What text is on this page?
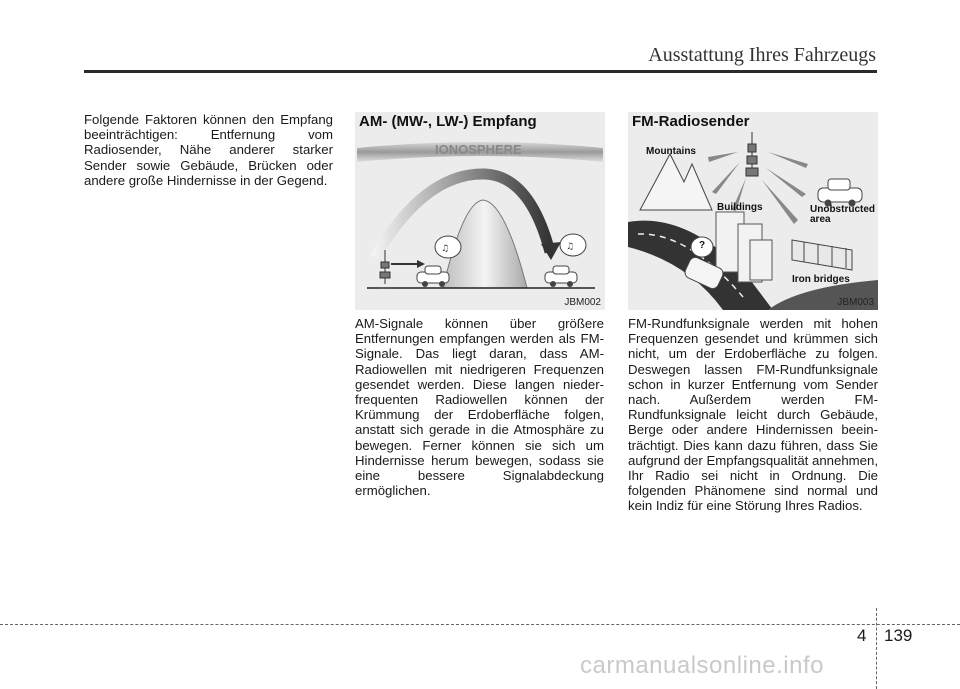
Ausstattung Ihres Fahrzeugs
Folgende Faktoren können den Empfang beeinträchtigen: Entfernung vom Radiosender, Nähe anderer starker Sender sowie Gebäude, Brücken oder andere große Hindernisse in der Gegend.
♫	♫
AM- (MW-, LW-) Empfang
IONOSPHERE
JBM002
FM-Radiosender
Mountains
Buildings	Unobstructed
area
Iron bridges
?
JBM003
AM-Signale können über größere Entfernungen empfangen werden als FM-Signale. Das liegt daran, dass AM-Radiowellen mit niedrigeren Frequenzen gesendet werden. Diese langen nieder-frequenten Radiowellen können der Krümmung der Erdoberfläche folgen, anstatt sich gerade in die Atmosphäre zu bewegen. Ferner können sie sich um Hindernisse herum bewegen, sodass sie eine bessere Signalabdeckung ermöglichen.
FM-Rundfunksignale werden mit hohen Frequenzen gesendet und krümmen sich nicht, um der Erdoberfläche zu folgen. Deswegen lassen FM-Rundfunksignale schon in kurzer Entfernung vom Sender nach. Außerdem werden FM-Rundfunksignale leicht durch Gebäude, Berge oder andere Hindernissen beein-trächtigt. Dies kann dazu führen, dass Sie aufgrund der Empfangsqualität annehmen, Ihr Radio sei nicht in Ordnung. Die folgenden Phänomene sind normal und kein Indiz für eine Störung Ihres Radios.
4 139
carmanualsonline.info
